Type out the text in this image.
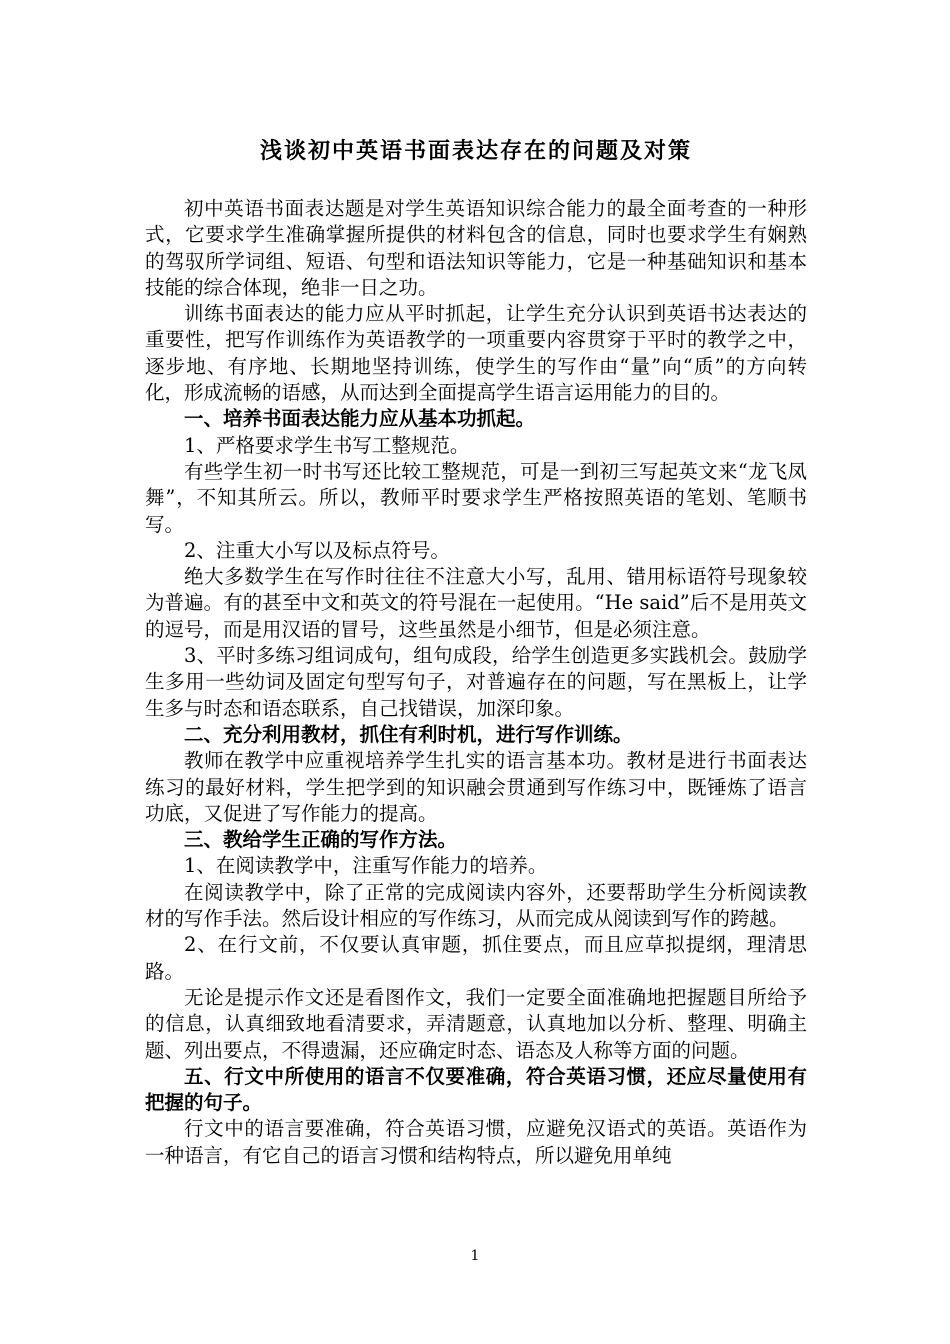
浅谈初中英语书面表达存在的问题及对策

初中英语书面表达题是对学生英语知识综合能力的最全面考查的一种形式，它要求学生准确掌握所提供的材料包含的信息，同时也要求学生有娴熟的驾驭所学词组、短语、句型和语法知识等能力，它是一种基础知识和基本技能的综合体现，绝非一日之功。

训练书面表达的能力应从平时抓起，让学生充分认识到英语书达表达的重要性，把写作训练作为英语教学的一项重要内容贯穿于平时的教学之中，逐步地、有序地、长期地坚持训练，使学生的写作由“量”向“质”的方向转化，形成流畅的语感，从而达到全面提高学生语言运用能力的目的。

一、培养书面表达能力应从基本功抓起。

1、严格要求学生书写工整规范。

有些学生初一时书写还比较工整规范，可是一到初三写起英文来“龙飞凤舞”，不知其所云。所以，教师平时要求学生严格按照英语的笔划、笔顺书写。

2、注重大小写以及标点符号。

绝大多数学生在写作时往往不注意大小写，乱用、错用标语符号现象较为普遍。有的甚至中文和英文的符号混在一起使用。“He said”后不是用英文的逗号，而是用汉语的冒号，这些虽然是小细节，但是必须注意。

3、平时多练习组词成句，组句成段，给学生创造更多实践机会。鼓励学生多用一些幼词及固定句型写句子，对普遍存在的问题，写在黑板上，让学生多与时态和语态联系，自己找错误，加深印象。

二、充分利用教材，抓住有利时机，进行写作训练。

教师在教学中应重视培养学生扎实的语言基本功。教材是进行书面表达练习的最好材料，学生把学到的知识融会贯通到写作练习中，既锤炼了语言功底，又促进了写作能力的提高。

三、教给学生正确的写作方法。

1、在阅读教学中，注重写作能力的培养。

在阅读教学中，除了正常的完成阅读内容外，还要帮助学生分析阅读教材的写作手法。然后设计相应的写作练习，从而完成从阅读到写作的跨越。

2、在行文前，不仅要认真审题，抓住要点，而且应草拟提纲，理清思路。

无论是提示作文还是看图作文，我们一定要全面准确地把握题目所给予的信息，认真细致地看清要求，弄清题意，认真地加以分析、整理、明确主题、列出要点，不得遗漏，还应确定时态、语态及人称等方面的问题。

五、行文中所使用的语言不仅要准确，符合英语习惯，还应尽量使用有把握的句子。

行文中的语言要准确，符合英语习惯，应避免汉语式的英语。英语作为一种语言，有它自己的语言习惯和结构特点，所以避免用单纯

1
